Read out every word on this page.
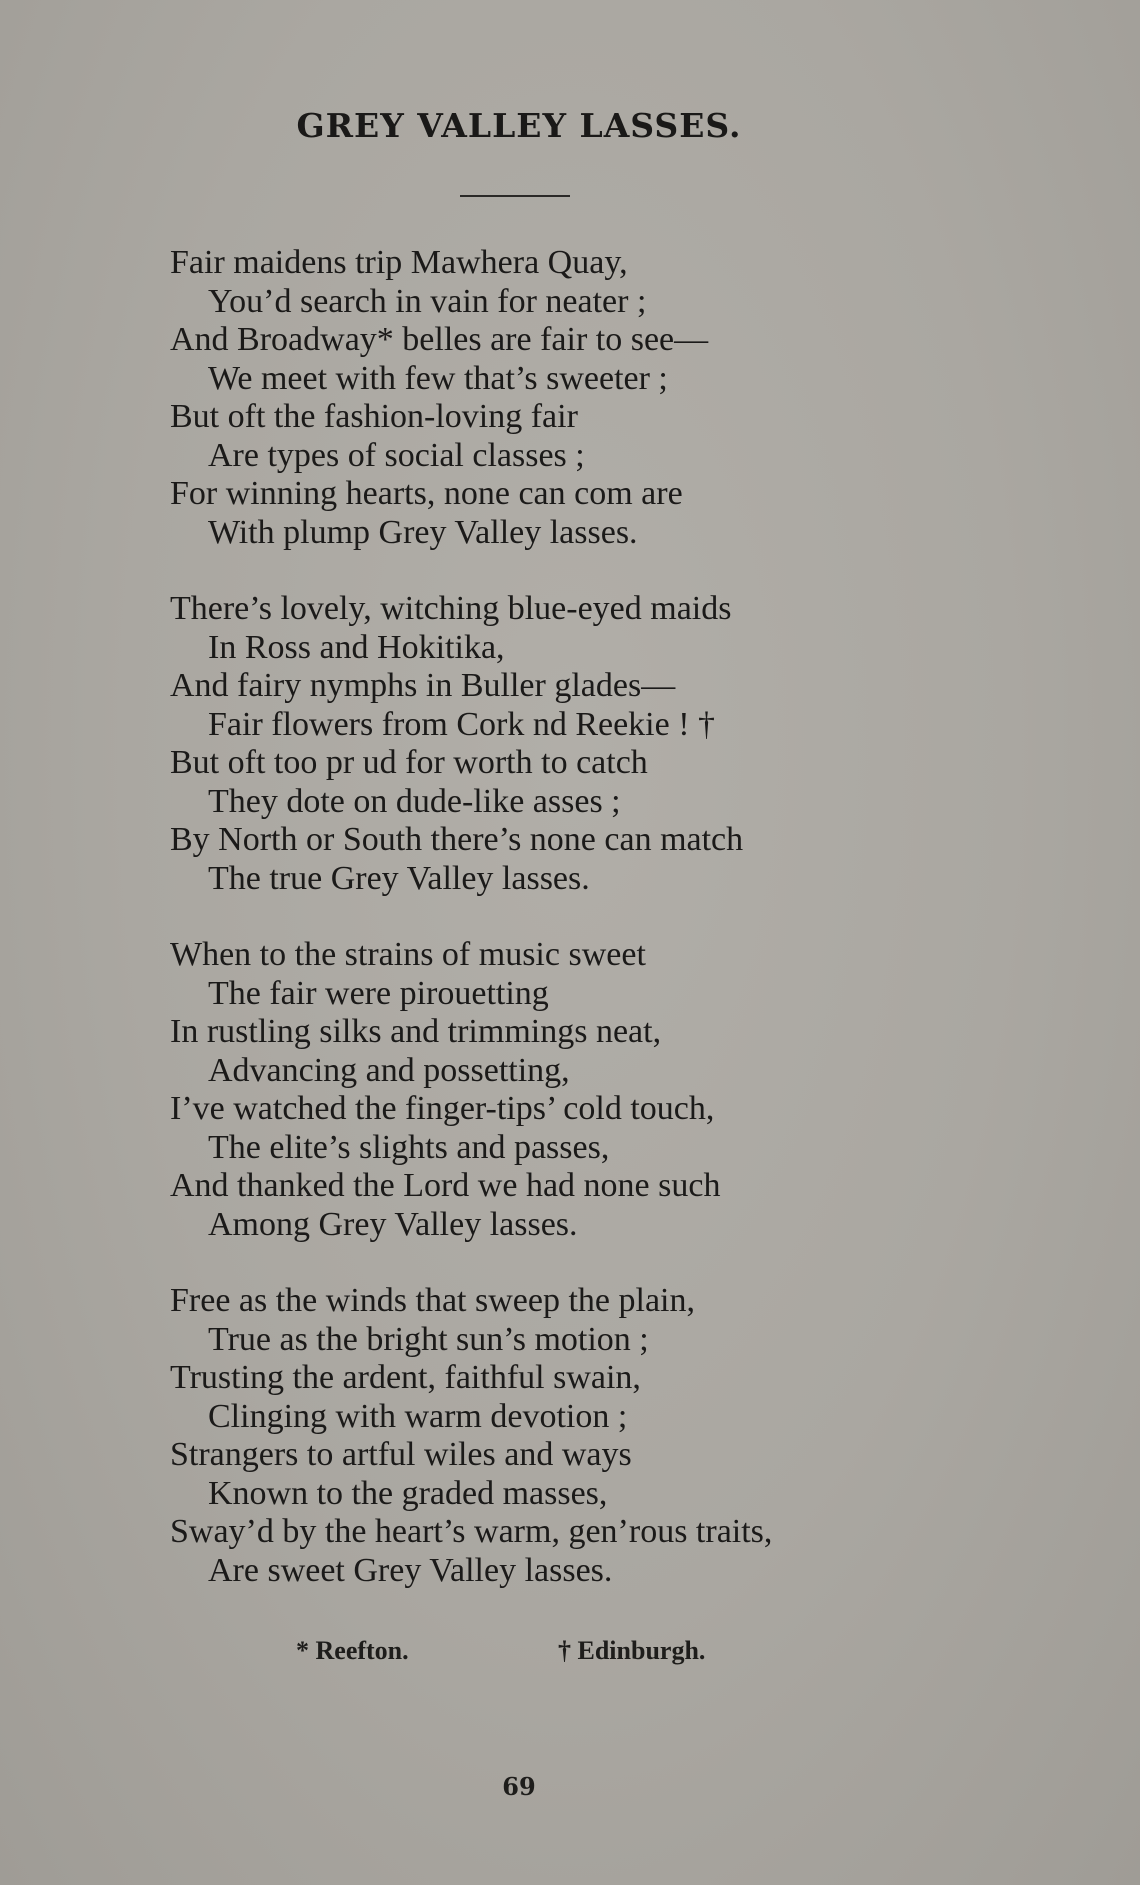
GREY VALLEY LASSES.
Fair maidens trip Mawhera Quay,
You’d search in vain for neater ;
And Broadway* belles are fair to see—
We meet with few that’s sweeter ;
But oft the fashion-loving fair
Are types of social classes ;
For winning hearts, none can com are
With plump Grey Valley lasses.
There’s lovely, witching blue-eyed maids
In Ross and Hokitika,
And fairy nymphs in Buller glades—
Fair flowers from Cork nd Reekie ! †
But oft too pr ud for worth to catch
They dote on dude-like asses ;
By North or South there’s none can match
The true Grey Valley lasses.
When to the strains of music sweet
The fair were pirouetting
In rustling silks and trimmings neat,
Advancing and possetting,
I’ve watched the finger-tips’ cold touch,
The elite’s slights and passes,
And thanked the Lord we had none such
Among Grey Valley lasses.
Free as the winds that sweep the plain,
True as the bright sun’s motion ;
Trusting the ardent, faithful swain,
Clinging with warm devotion ;
Strangers to artful wiles and ways
Known to the graded masses,
Sway’d by the heart’s warm, gen’rous traits,
Are sweet Grey Valley lasses.
* Reefton.	† Edinburgh.
69
